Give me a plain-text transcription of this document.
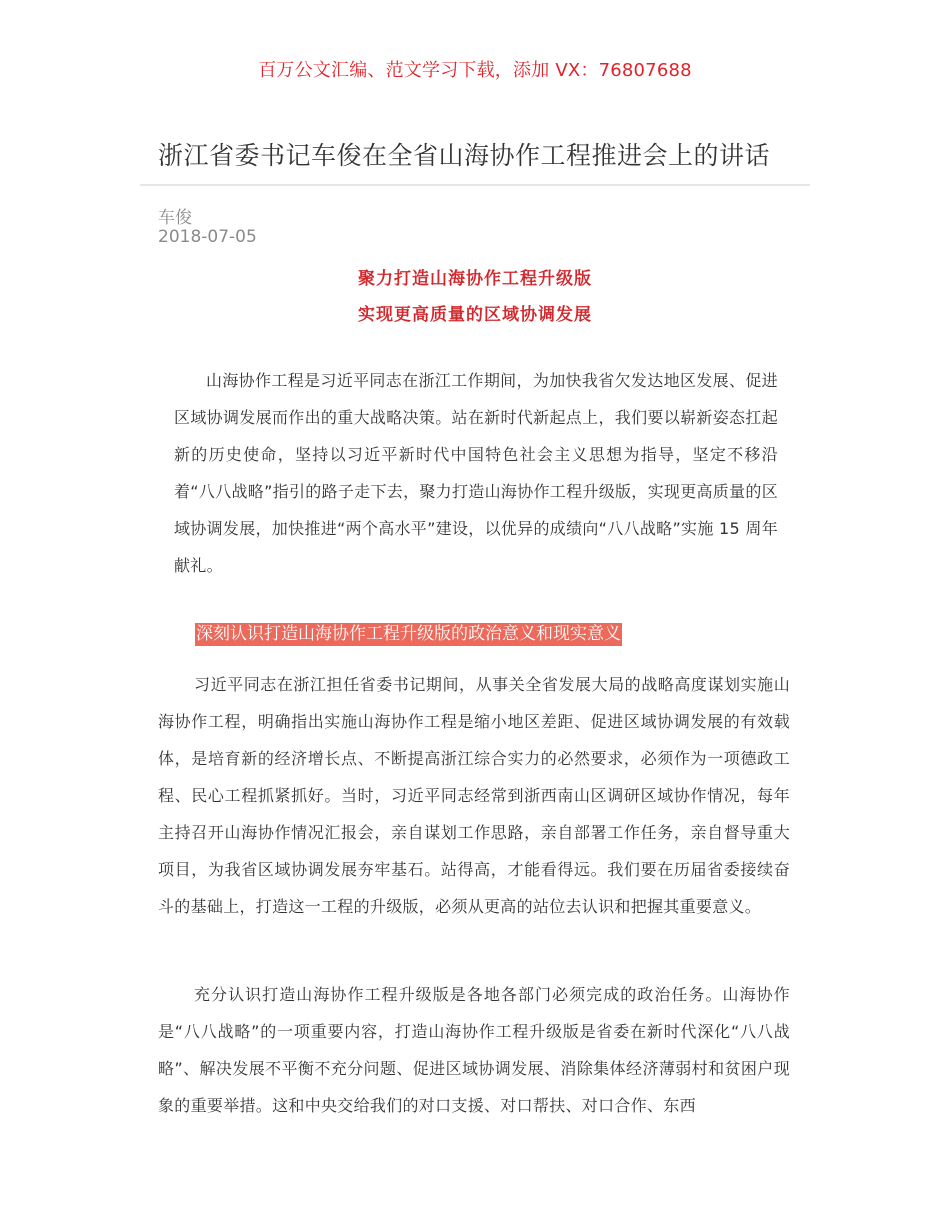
百万公文汇编、范文学习下载，添加 VX：76807688
浙江省委书记车俊在全省山海协作工程推进会上的讲话
车俊
2018-07-05
聚力打造山海协作工程升级版
实现更高质量的区域协调发展

山海协作工程是习近平同志在浙江工作期间，为加快我省欠发达地区发展、促进区域协调发展而作出的重大战略决策。站在新时代新起点上，我们要以崭新姿态扛起新的历史使命，坚持以习近平新时代中国特色社会主义思想为指导，坚定不移沿着“八八战略”指引的路子走下去，聚力打造山海协作工程升级版，实现更高质量的区域协调发展，加快推进“两个高水平”建设，以优异的成绩向“八八战略”实施 15 周年献礼。

深刻认识打造山海协作工程升级版的政治意义和现实意义

习近平同志在浙江担任省委书记期间，从事关全省发展大局的战略高度谋划实施山海协作工程，明确指出实施山海协作工程是缩小地区差距、促进区域协调发展的有效载体，是培育新的经济增长点、不断提高浙江综合实力的必然要求，必须作为一项德政工程、民心工程抓紧抓好。当时，习近平同志经常到浙西南山区调研区域协作情况，每年主持召开山海协作情况汇报会，亲自谋划工作思路，亲自部署工作任务，亲自督导重大项目，为我省区域协调发展夯牢基石。站得高，才能看得远。我们要在历届省委接续奋斗的基础上，打造这一工程的升级版，必须从更高的站位去认识和把握其重要意义。

充分认识打造山海协作工程升级版是各地各部门必须完成的政治任务。山海协作是“八八战略”的一项重要内容，打造山海协作工程升级版是省委在新时代深化“八八战略”、解决发展不平衡不充分问题、促进区域协调发展、消除集体经济薄弱村和贫困户现象的重要举措。这和中央交给我们的对口支援、对口帮扶、对口合作、东西
